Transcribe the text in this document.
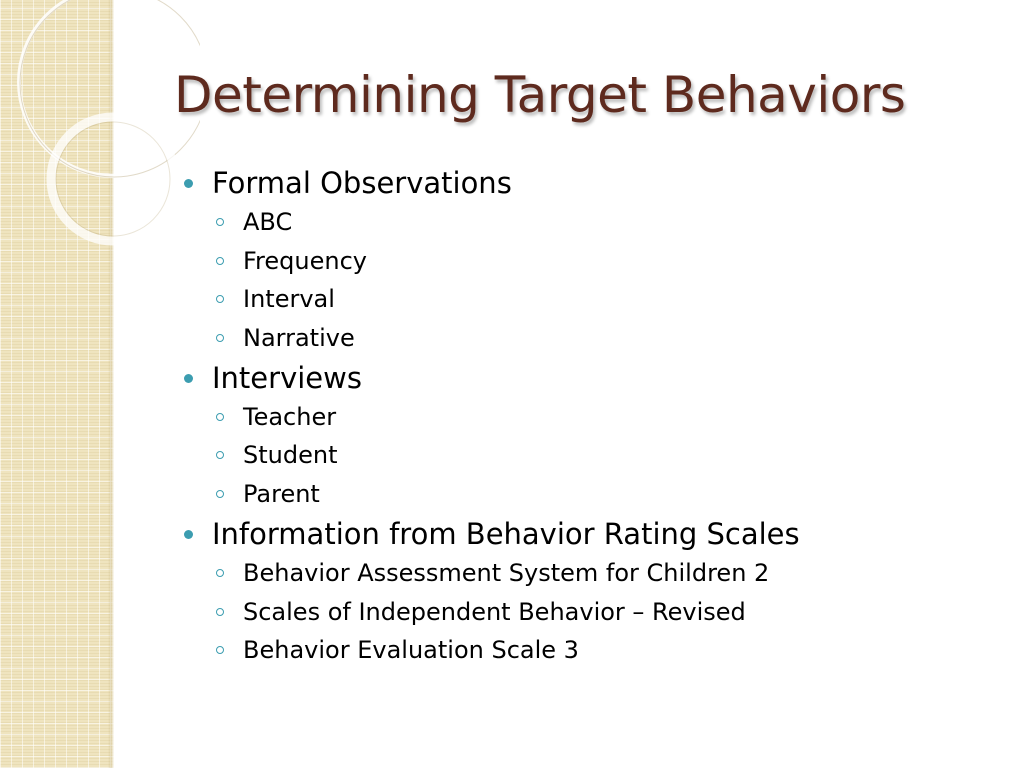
Determining Target Behaviors
Formal Observations
ABC
Frequency
Interval
Narrative
Interviews
Teacher
Student
Parent
Information from Behavior Rating Scales
Behavior Assessment System for Children 2
Scales of Independent Behavior – Revised
Behavior Evaluation Scale 3
